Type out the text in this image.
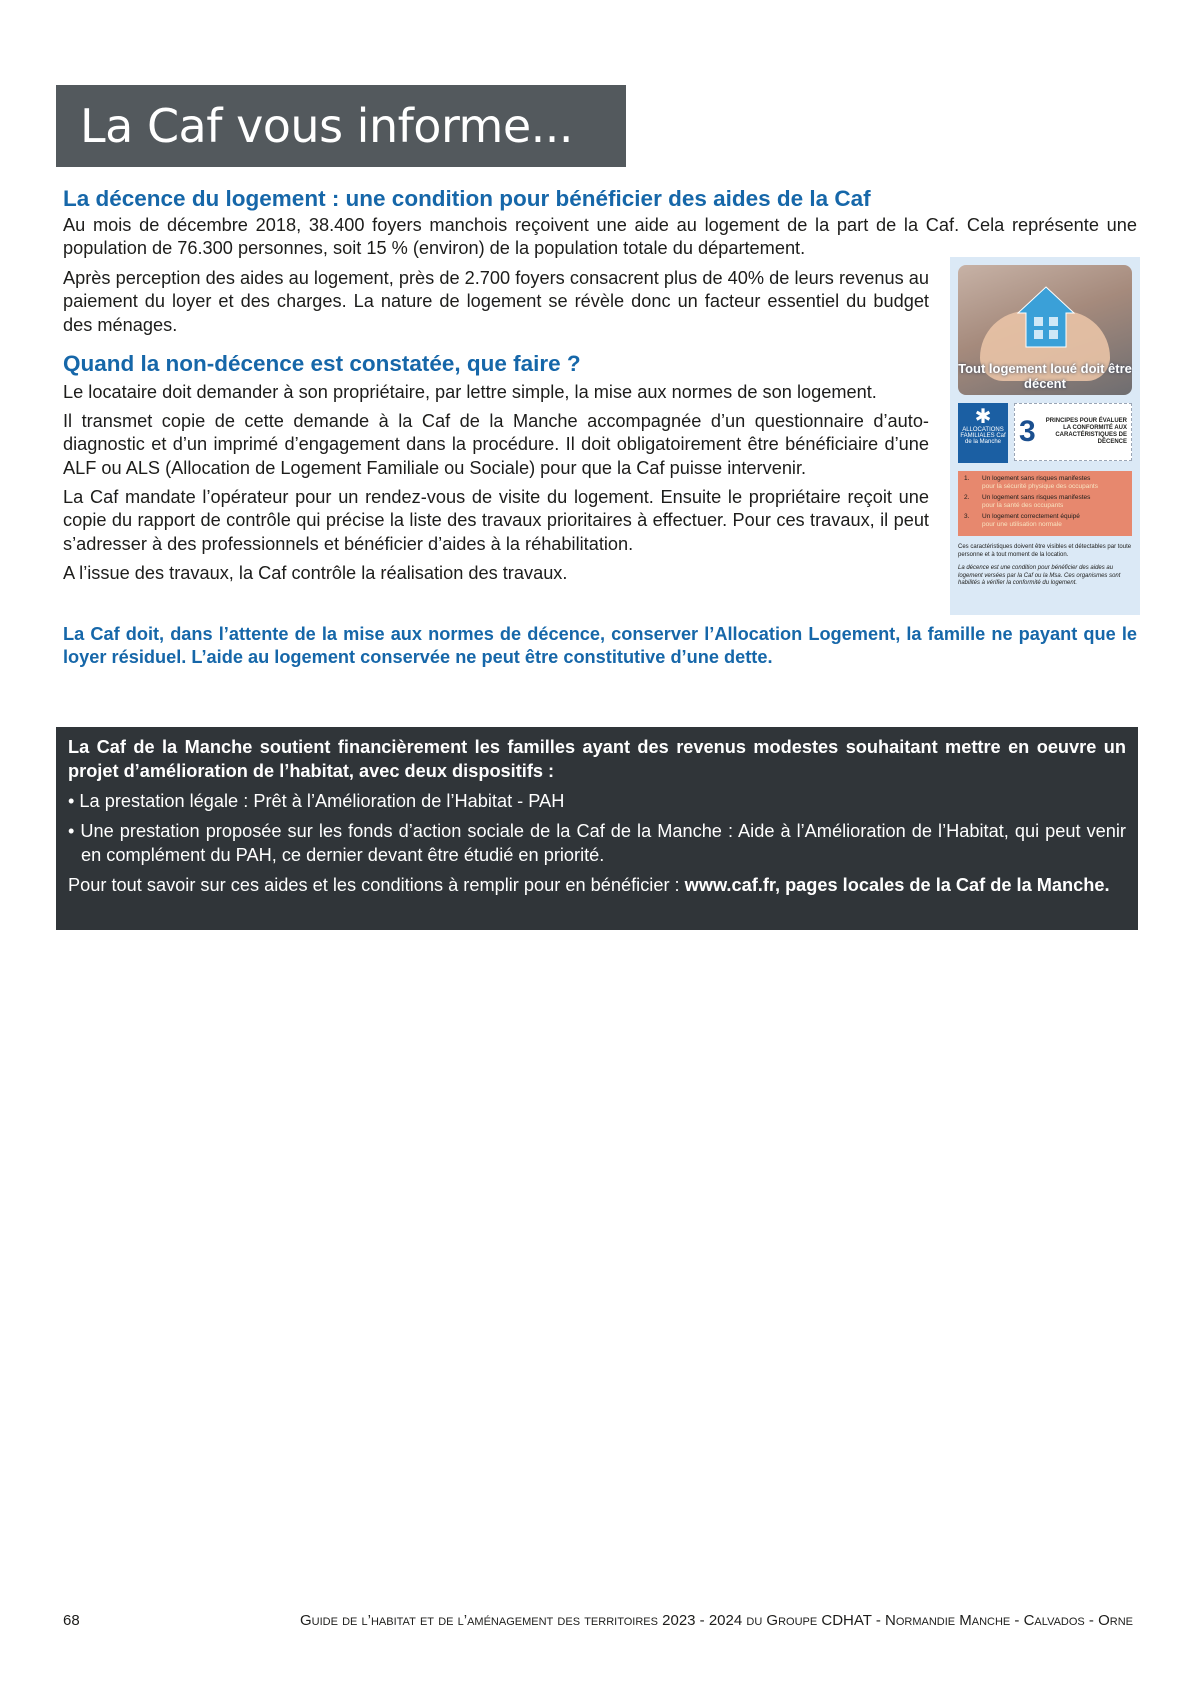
La Caf vous informe...
La décence du logement : une condition pour bénéficier des aides de la Caf

Au mois de décembre 2018, 38.400 foyers manchois reçoivent une aide au logement de la part de la Caf. Cela représente une population de 76.300 personnes, soit 15 % (environ) de la population totale du département.

Après perception des aides au logement, près de 2.700 foyers consacrent plus de 40% de leurs revenus au paiement du loyer et des charges. La nature de logement se révèle donc un facteur essentiel du budget des ménages.

Quand la non-décence est constatée, que faire ?

Le locataire doit demander à son propriétaire, par lettre simple, la mise aux normes de son logement.

Il transmet copie de cette demande à la Caf de la Manche accompagnée d’un questionnaire d’auto-diagnostic et d’un imprimé d’engagement dans la procédure. Il doit obligatoirement être bénéficiaire d’une ALF ou ALS (Allocation de Logement Familiale ou Sociale) pour que la Caf puisse intervenir.

La Caf mandate l’opérateur pour un rendez-vous de visite du logement. Ensuite le propriétaire reçoit une copie du rapport de contrôle qui précise la liste des travaux prioritaires à effectuer. Pour ces travaux, il peut s’adresser à des professionnels et bénéficier d’aides à la réhabilitation.

A l’issue des travaux, la Caf contrôle la réalisation des travaux.

La Caf doit, dans l’attente de la mise aux normes de décence, conserver l’Allocation Logement, la famille ne payant que le loyer résiduel. L’aide au logement conservée ne peut être constitutive d’une dette.

Tout logement loué doit être décent
✱
ALLOCATIONS FAMILIALES Caf de la Manche 3	PRINCIPES POUR ÉVALUER LA CONFORMITÉ AUX CARACTÉRISTIQUES DE DÉCENCE
1.	Un logement sans risques manifestes
pour la sécurité physique des occupants
2.	Un logement sans risques manifestes
pour la santé des occupants
3.	Un logement correctement équipé
pour une utilisation normale
Ces caractéristiques doivent être visibles et détectables par toute personne et à tout moment de la location.
La décence est une condition pour bénéficier des aides au logement versées par la Caf ou la Msa. Ces organismes sont habilités à vérifier la conformité du logement.

La Caf de la Manche soutient financièrement les familles ayant des revenus modestes souhaitant mettre en oeuvre un projet d’amélioration de l’habitat, avec deux dispositifs :

• La prestation légale : Prêt à l’Amélioration de l’Habitat - PAH

• Une prestation proposée sur les fonds d’action sociale de la Caf de la Manche : Aide à l’Amélioration de l’Habitat, qui peut venir en complément du PAH, ce dernier devant être étudié en priorité.

Pour tout savoir sur ces aides et les conditions à remplir pour en bénéficier : www.caf.fr, pages locales de la Caf de la Manche.

68	Guide de l’habitat et de l’aménagement des territoires 2023 - 2024 du Groupe CDHAT - Normandie Manche - Calvados - Orne
